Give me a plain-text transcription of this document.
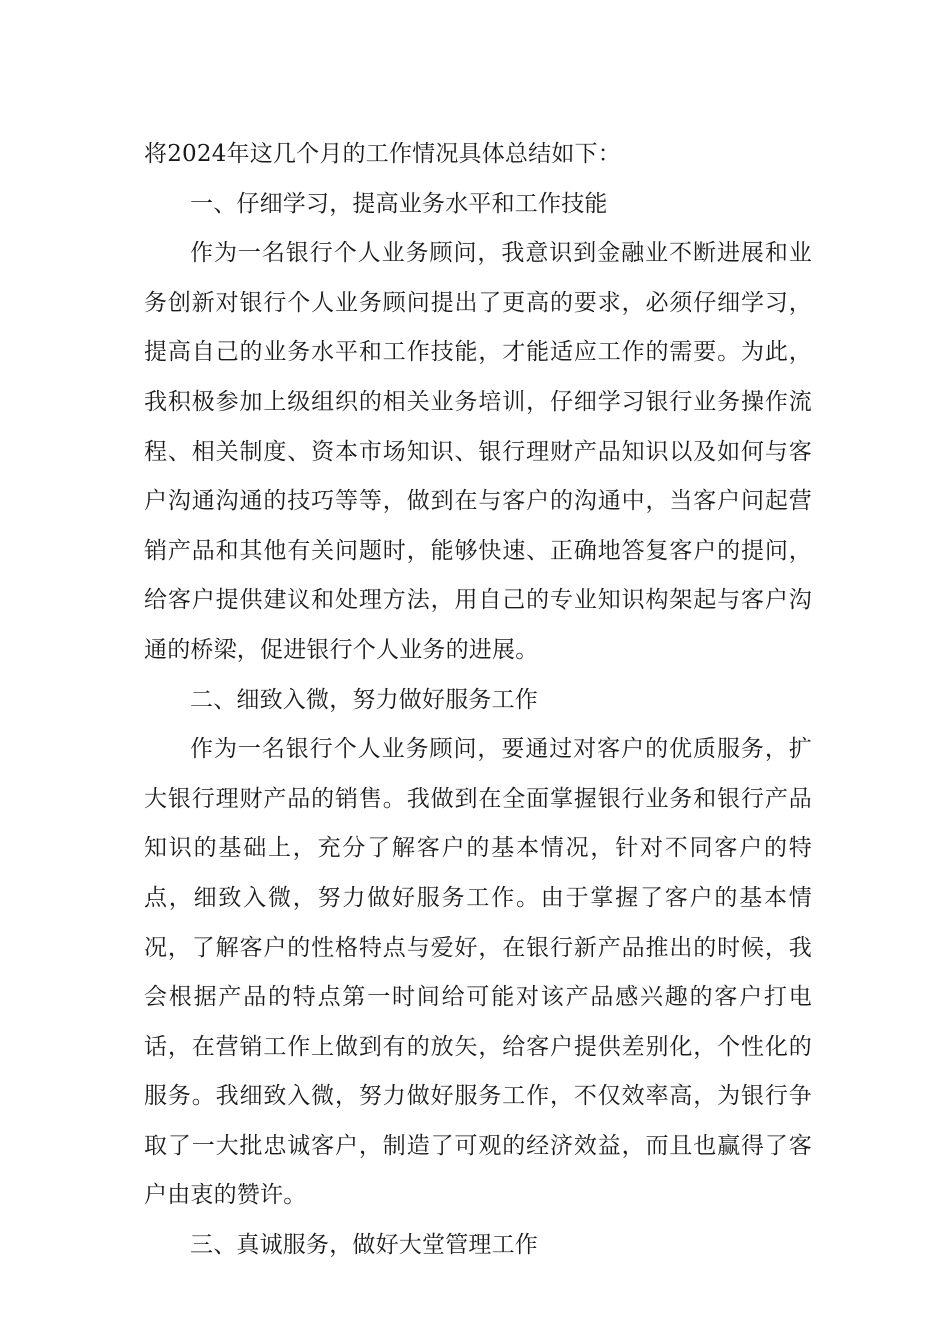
将2024年这几个月的工作情况具体总结如下：

一、仔细学习，提高业务水平和工作技能

作为一名银行个人业务顾问，我意识到金融业不断进展和业务创新对银行个人业务顾问提出了更高的要求，必须仔细学习，提高自己的业务水平和工作技能，才能适应工作的需要。为此，我积极参加上级组织的相关业务培训，仔细学习银行业务操作流程、相关制度、资本市场知识、银行理财产品知识以及如何与客户沟通沟通的技巧等等，做到在与客户的沟通中，当客户问起营销产品和其他有关问题时，能够快速、正确地答复客户的提问，给客户提供建议和处理方法，用自己的专业知识构架起与客户沟通的桥梁，促进银行个人业务的进展。

二、细致入微，努力做好服务工作

作为一名银行个人业务顾问，要通过对客户的优质服务，扩大银行理财产品的销售。我做到在全面掌握银行业务和银行产品知识的基础上，充分了解客户的基本情况，针对不同客户的特点，细致入微，努力做好服务工作。由于掌握了客户的基本情况，了解客户的性格特点与爱好，在银行新产品推出的时候，我会根据产品的特点第一时间给可能对该产品感兴趣的客户打电话，在营销工作上做到有的放矢，给客户提供差别化，个性化的服务。我细致入微，努力做好服务工作，不仅效率高，为银行争取了一大批忠诚客户，制造了可观的经济效益，而且也赢得了客户由衷的赞许。

三、真诚服务，做好大堂管理工作
